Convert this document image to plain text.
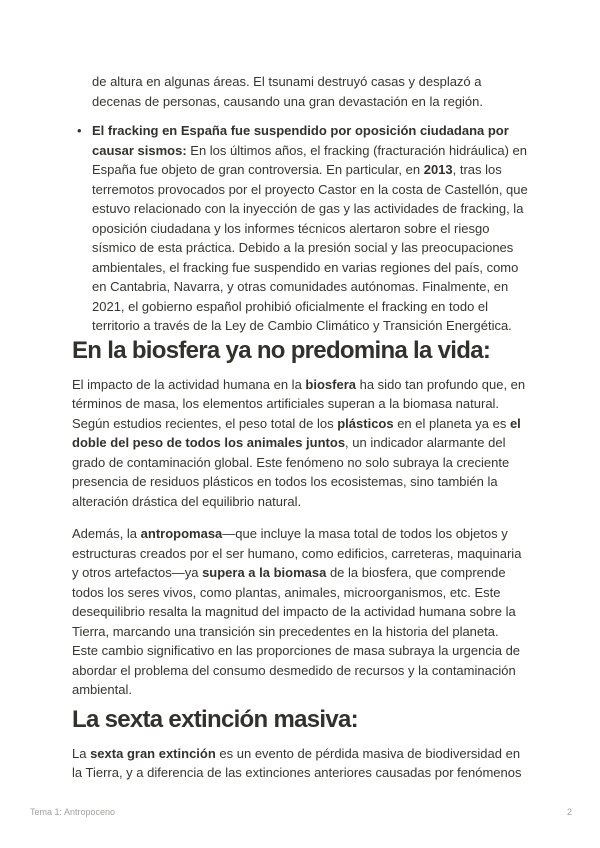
de altura en algunas áreas. El tsunami destruyó casas y desplazó a decenas de personas, causando una gran devastación en la región.

• El fracking en España fue suspendido por oposición ciudadana por causar sismos: En los últimos años, el fracking (fracturación hidráulica) en España fue objeto de gran controversia. En particular, en 2013, tras los terremotos provocados por el proyecto Castor en la costa de Castellón, que estuvo relacionado con la inyección de gas y las actividades de fracking, la oposición ciudadana y los informes técnicos alertaron sobre el riesgo sísmico de esta práctica. Debido a la presión social y las preocupaciones ambientales, el fracking fue suspendido en varias regiones del país, como en Cantabria, Navarra, y otras comunidades autónomas. Finalmente, en 2021, el gobierno español prohibió oficialmente el fracking en todo el territorio a través de la Ley de Cambio Climático y Transición Energética.
En la biosfera ya no predomina la vida:

El impacto de la actividad humana en la biosfera ha sido tan profundo que, en términos de masa, los elementos artificiales superan a la biomasa natural. Según estudios recientes, el peso total de los plásticos en el planeta ya es el doble del peso de todos los animales juntos, un indicador alarmante del grado de contaminación global. Este fenómeno no solo subraya la creciente presencia de residuos plásticos en todos los ecosistemas, sino también la alteración drástica del equilibrio natural.

Además, la antropomasa—que incluye la masa total de todos los objetos y estructuras creados por el ser humano, como edificios, carreteras, maquinaria y otros artefactos—ya supera a la biomasa de la biosfera, que comprende todos los seres vivos, como plantas, animales, microorganismos, etc. Este desequilibrio resalta la magnitud del impacto de la actividad humana sobre la Tierra, marcando una transición sin precedentes en la historia del planeta. Este cambio significativo en las proporciones de masa subraya la urgencia de abordar el problema del consumo desmedido de recursos y la contaminación ambiental.

La sexta extinción masiva:

La sexta gran extinción es un evento de pérdida masiva de biodiversidad en la Tierra, y a diferencia de las extinciones anteriores causadas por fenómenos

Tema 1: Antropoceno	2
